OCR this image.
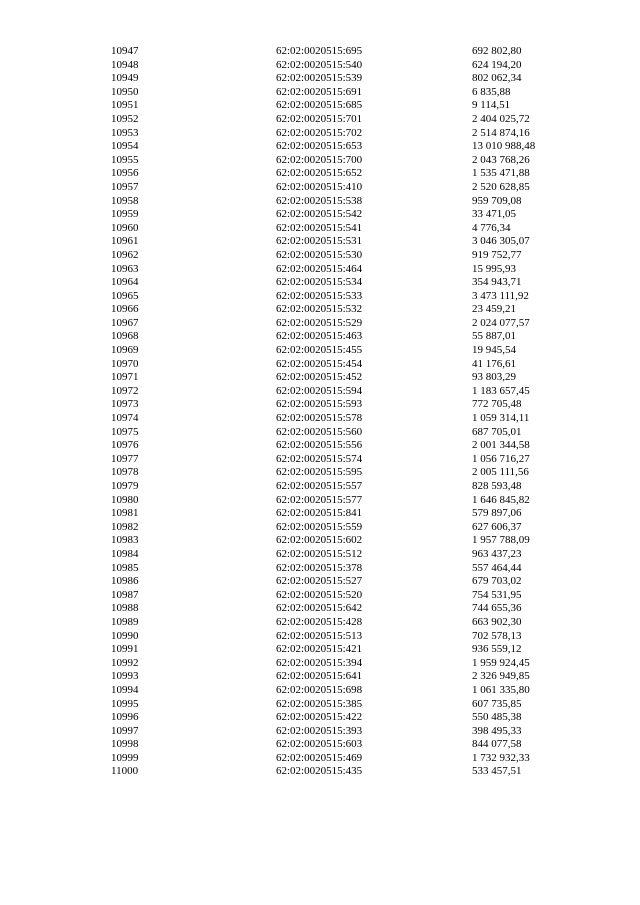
10947	62:02:0020515:695	692 802,80
10948	62:02:0020515:540	624 194,20
10949	62:02:0020515:539	802 062,34
10950	62:02:0020515:691	6 835,88
10951	62:02:0020515:685	9 114,51
10952	62:02:0020515:701	2 404 025,72
10953	62:02:0020515:702	2 514 874,16
10954	62:02:0020515:653	13 010 988,48
10955	62:02:0020515:700	2 043 768,26
10956	62:02:0020515:652	1 535 471,88
10957	62:02:0020515:410	2 520 628,85
10958	62:02:0020515:538	959 709,08
10959	62:02:0020515:542	33 471,05
10960	62:02:0020515:541	4 776,34
10961	62:02:0020515:531	3 046 305,07
10962	62:02:0020515:530	919 752,77
10963	62:02:0020515:464	15 995,93
10964	62:02:0020515:534	354 943,71
10965	62:02:0020515:533	3 473 111,92
10966	62:02:0020515:532	23 459,21
10967	62:02:0020515:529	2 024 077,57
10968	62:02:0020515:463	55 887,01
10969	62:02:0020515:455	19 945,54
10970	62:02:0020515:454	41 176,61
10971	62:02:0020515:452	93 803,29
10972	62:02:0020515:594	1 183 657,45
10973	62:02:0020515:593	772 705,48
10974	62:02:0020515:578	1 059 314,11
10975	62:02:0020515:560	687 705,01
10976	62:02:0020515:556	2 001 344,58
10977	62:02:0020515:574	1 056 716,27
10978	62:02:0020515:595	2 005 111,56
10979	62:02:0020515:557	828 593,48
10980	62:02:0020515:577	1 646 845,82
10981	62:02:0020515:841	579 897,06
10982	62:02:0020515:559	627 606,37
10983	62:02:0020515:602	1 957 788,09
10984	62:02:0020515:512	963 437,23
10985	62:02:0020515:378	557 464,44
10986	62:02:0020515:527	679 703,02
10987	62:02:0020515:520	754 531,95
10988	62:02:0020515:642	744 655,36
10989	62:02:0020515:428	663 902,30
10990	62:02:0020515:513	702 578,13
10991	62:02:0020515:421	936 559,12
10992	62:02:0020515:394	1 959 924,45
10993	62:02:0020515:641	2 326 949,85
10994	62:02:0020515:698	1 061 335,80
10995	62:02:0020515:385	607 735,85
10996	62:02:0020515:422	550 485,38
10997	62:02:0020515:393	398 495,33
10998	62:02:0020515:603	844 077,58
10999	62:02:0020515:469	1 732 932,33
11000	62:02:0020515:435	533 457,51
